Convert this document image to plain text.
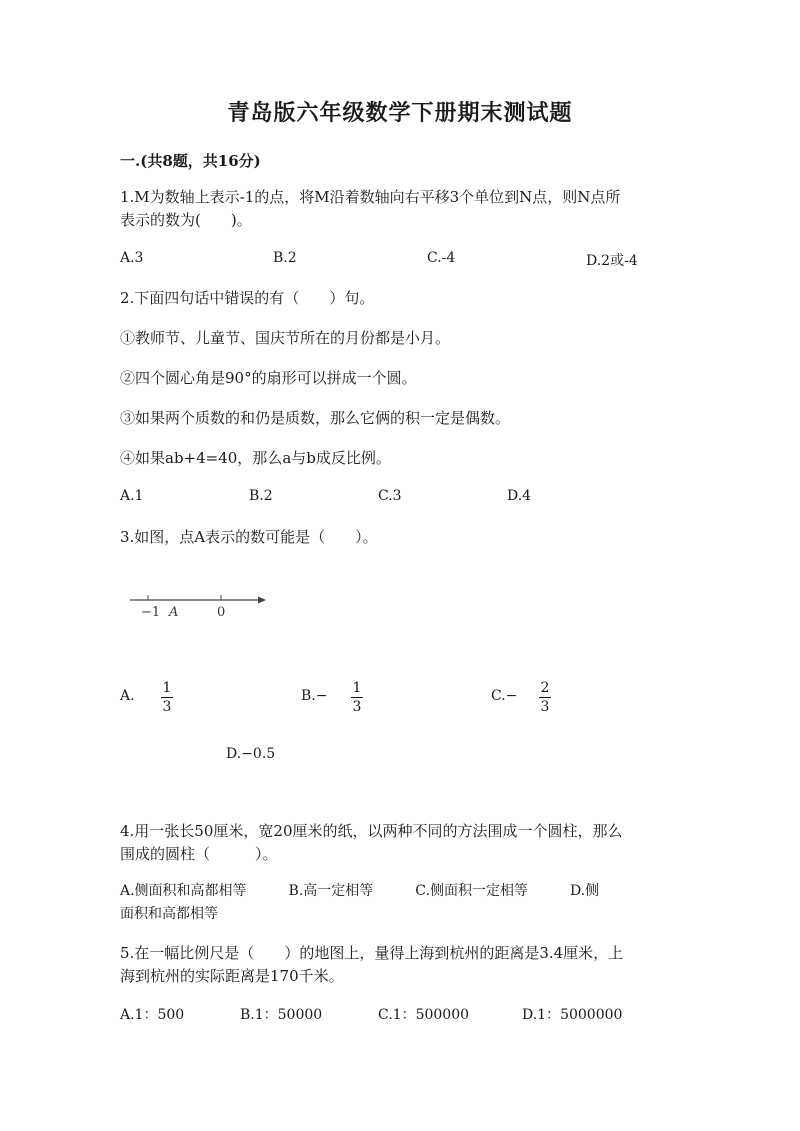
青岛版六年级数学下册期末测试题
一.(共8题，共16分)
1.M为数轴上表示-1的点，将M沿着数轴向右平移3个单位到N点，则N点所
表示的数为(　　)。
A.3	B.2	C.-4	D.2或-4
2.下面四句话中错误的有（　　）句。
①教师节、儿童节、国庆节所在的月份都是小月。
②四个圆心角是90°的扇形可以拼成一个圆。
③如果两个质数的和仍是质数，那么它俩的积一定是偶数。
④如果ab+4=40，那么a与b成反比例。
A.1	B.2	C.3	D.4
3.如图，点A表示的数可能是（　　）。
−1 A	0
A. 1
3
B.− 1
3
C.− 2
3
D.−0.5
4.用一张长50厘米，宽20厘米的纸，以两种不同的方法围成一个圆柱，那么
围成的圆柱（　　　）。
A.侧面积和高都相等　　　B.高一定相等　　　C.侧面积一定相等　　　D.侧
面积和高都相等
5.在一幅比例尺是（　　）的地图上，量得上海到杭州的距离是3.4厘米，上
海到杭州的实际距离是170千米。
A.1：500	B.1：50000	C.1：500000	D.1：5000000
